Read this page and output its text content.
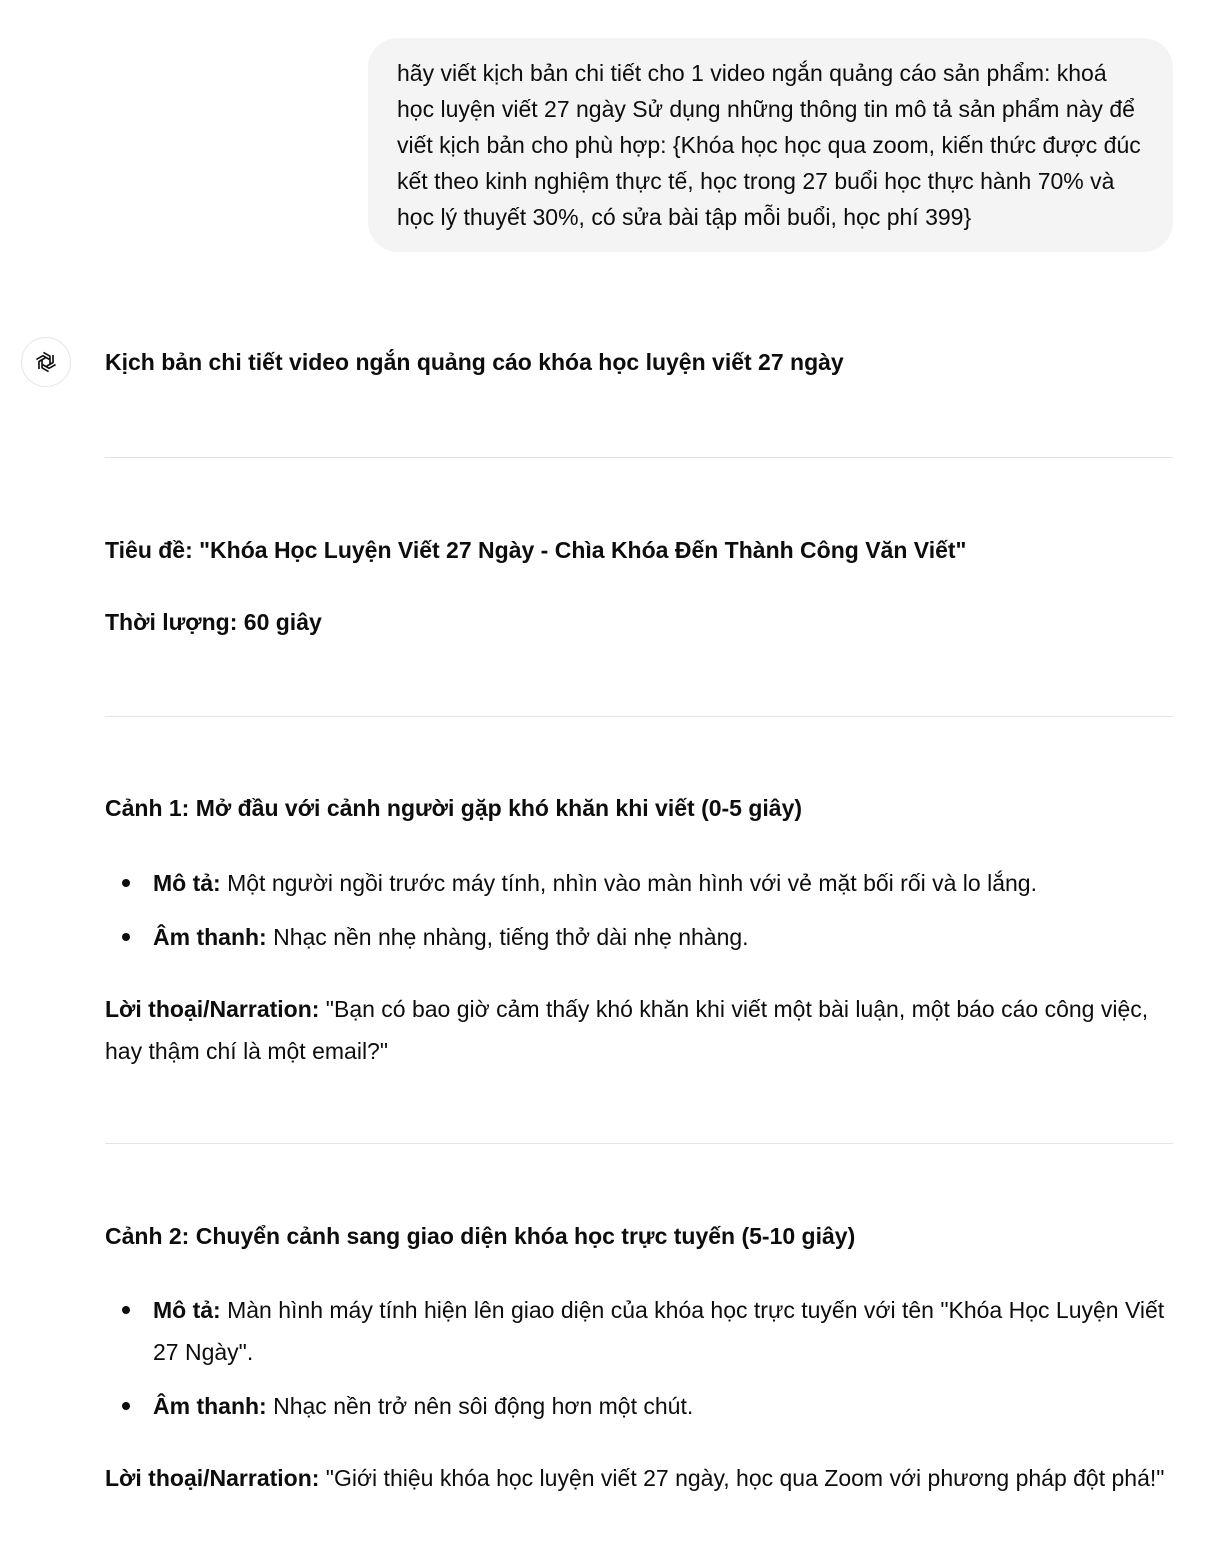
hãy viết kịch bản chi tiết cho 1 video ngắn quảng cáo sản phẩm: khoá học luyện viết 27 ngày Sử dụng những thông tin mô tả sản phẩm này để viết kịch bản cho phù hợp: {Khóa học học qua zoom, kiến thức được đúc kết theo kinh nghiệm thực tế, học trong 27 buổi học thực hành 70% và học lý thuyết 30%, có sửa bài tập mỗi buổi, học phí 399}
Kịch bản chi tiết video ngắn quảng cáo khóa học luyện viết 27 ngày
Tiêu đề: "Khóa Học Luyện Viết 27 Ngày - Chìa Khóa Đến Thành Công Văn Viết"
Thời lượng: 60 giây
Cảnh 1: Mở đầu với cảnh người gặp khó khăn khi viết (0-5 giây)
Mô tả: Một người ngồi trước máy tính, nhìn vào màn hình với vẻ mặt bối rối và lo lắng.
Âm thanh: Nhạc nền nhẹ nhàng, tiếng thở dài nhẹ nhàng.
Lời thoại/Narration: "Bạn có bao giờ cảm thấy khó khăn khi viết một bài luận, một báo cáo công việc, hay thậm chí là một email?"
Cảnh 2: Chuyển cảnh sang giao diện khóa học trực tuyến (5-10 giây)
Mô tả: Màn hình máy tính hiện lên giao diện của khóa học trực tuyến với tên "Khóa Học Luyện Viết 27 Ngày".
Âm thanh: Nhạc nền trở nên sôi động hơn một chút.
Lời thoại/Narration: "Giới thiệu khóa học luyện viết 27 ngày, học qua Zoom với phương pháp đột phá!"
